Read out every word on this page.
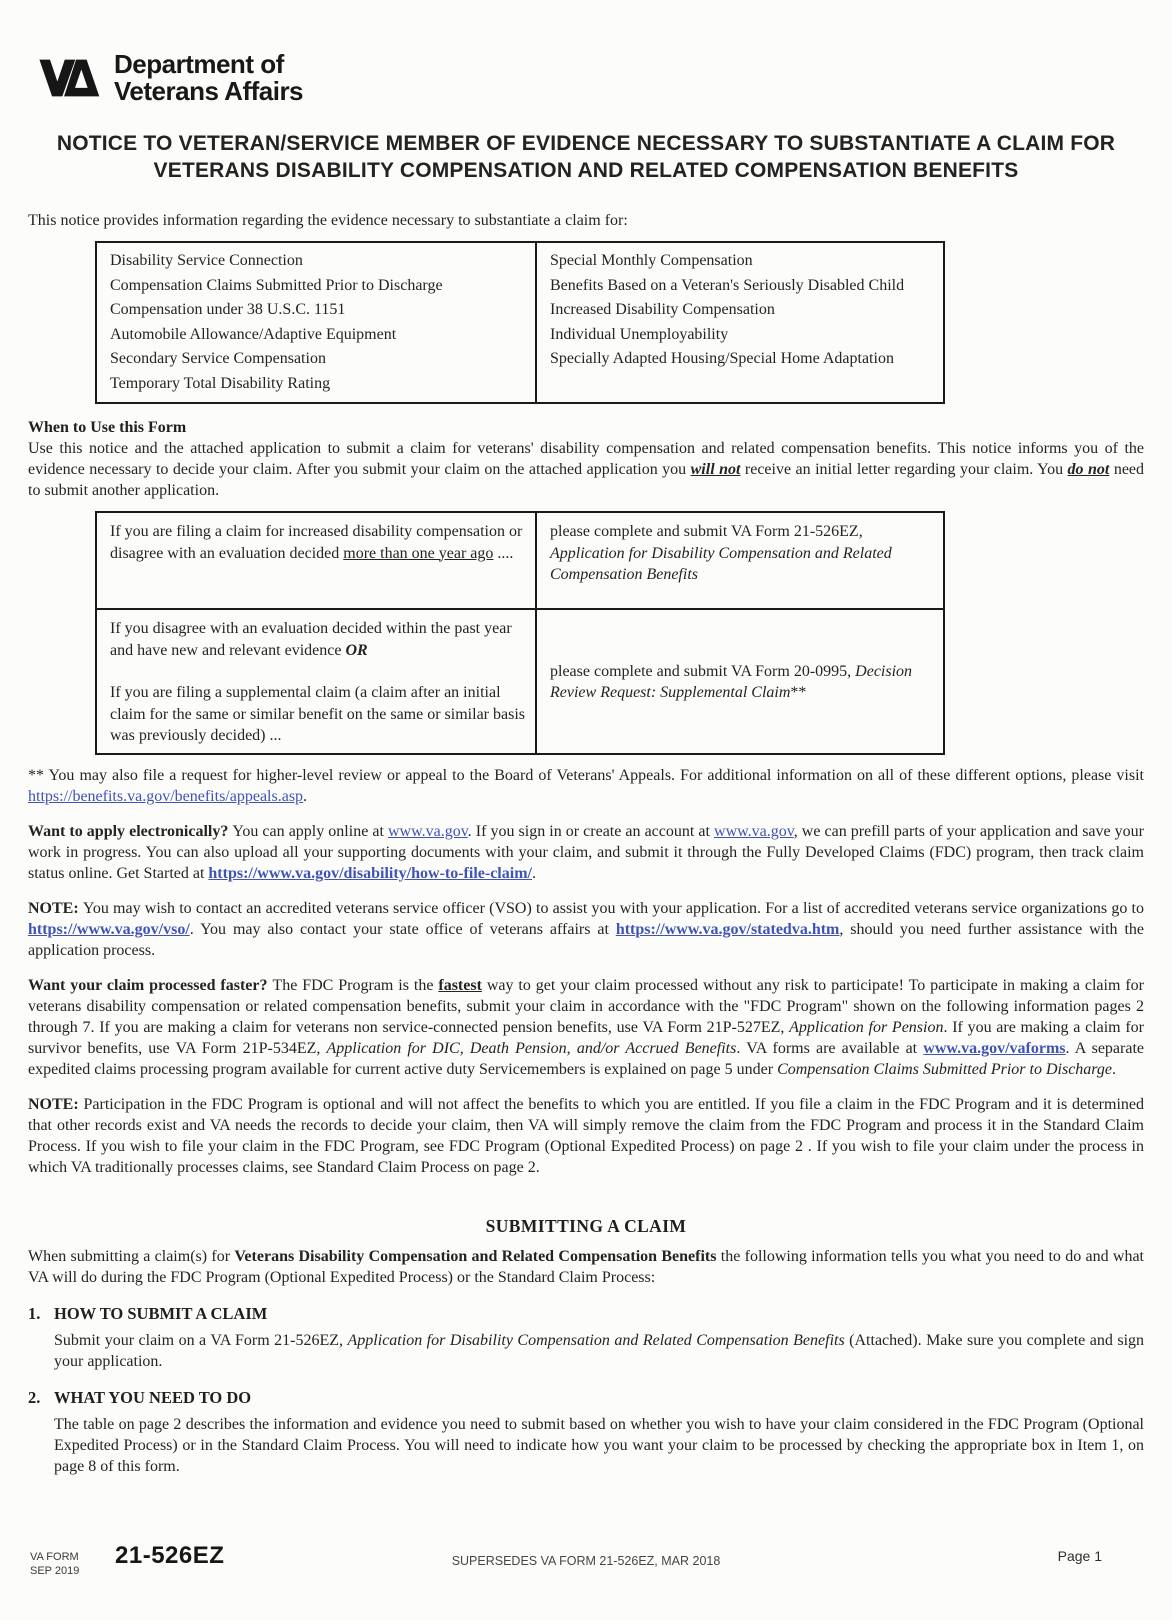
Department of
Veterans Affairs
NOTICE TO VETERAN/SERVICE MEMBER OF EVIDENCE NECESSARY TO SUBSTANTIATE A CLAIM FOR
VETERANS DISABILITY COMPENSATION AND RELATED COMPENSATION BENEFITS

This notice provides information regarding the evidence necessary to substantiate a claim for:

Disability Service Connection
Compensation Claims Submitted Prior to Discharge
Compensation under 38 U.S.C. 1151
Automobile Allowance/Adaptive Equipment
Secondary Service Compensation
Temporary Total Disability Rating

Special Monthly Compensation
Benefits Based on a Veteran's Seriously Disabled Child
Increased Disability Compensation
Individual Unemployability
Specially Adapted Housing/Special Home Adaptation
When to Use this Form

Use this notice and the attached application to submit a claim for veterans' disability compensation and related compensation benefits. This notice informs you of the evidence necessary to decide your claim. After you submit your claim on the attached application you will not receive an initial letter regarding your claim. You do not need to submit another application.

If you are filing a claim for increased disability compensation or disagree with an evaluation decided more than one year ago ....	please complete and submit VA Form 21-526EZ, Application for Disability Compensation and Related Compensation Benefits

If you disagree with an evaluation decided within the past year and have new and relevant evidence OR

If you are filing a supplemental claim (a claim after an initial claim for the same or similar benefit on the same or similar basis was previously decided) ...	please complete and submit VA Form 20-0995, Decision Review Request: Supplemental Claim**

** You may also file a request for higher-level review or appeal to the Board of Veterans' Appeals. For additional information on all of these different options, please visit https://benefits.va.gov/benefits/appeals.asp.

Want to apply electronically? You can apply online at www.va.gov. If you sign in or create an account at www.va.gov, we can prefill parts of your application and save your work in progress. You can also upload all your supporting documents with your claim, and submit it through the Fully Developed Claims (FDC) program, then track claim status online. Get Started at https://www.va.gov/disability/how-to-file-claim/.

NOTE: You may wish to contact an accredited veterans service officer (VSO) to assist you with your application. For a list of accredited veterans service organizations go to https://www.va.gov/vso/. You may also contact your state office of veterans affairs at https://www.va.gov/statedva.htm, should you need further assistance with the application process.

Want your claim processed faster? The FDC Program is the fastest way to get your claim processed without any risk to participate! To participate in making a claim for veterans disability compensation or related compensation benefits, submit your claim in accordance with the "FDC Program" shown on the following information pages 2 through 7. If you are making a claim for veterans non service-connected pension benefits, use VA Form 21P-527EZ, Application for Pension. If you are making a claim for survivor benefits, use VA Form 21P-534EZ, Application for DIC, Death Pension, and/or Accrued Benefits. VA forms are available at www.va.gov/vaforms. A separate expedited claims processing program available for current active duty Servicemembers is explained on page 5 under Compensation Claims Submitted Prior to Discharge.

NOTE: Participation in the FDC Program is optional and will not affect the benefits to which you are entitled. If you file a claim in the FDC Program and it is determined that other records exist and VA needs the records to decide your claim, then VA will simply remove the claim from the FDC Program and process it in the Standard Claim Process. If you wish to file your claim in the FDC Program, see FDC Program (Optional Expedited Process) on page 2 . If you wish to file your claim under the process in which VA traditionally processes claims, see Standard Claim Process on page 2.

SUBMITTING A CLAIM

When submitting a claim(s) for Veterans Disability Compensation and Related Compensation Benefits the following information tells you what you need to do and what VA will do during the FDC Program (Optional Expedited Process) or the Standard Claim Process:

1. HOW TO SUBMIT A CLAIM

Submit your claim on a VA Form 21-526EZ, Application for Disability Compensation and Related Compensation Benefits (Attached). Make sure you complete and sign your application.

2. WHAT YOU NEED TO DO

The table on page 2 describes the information and evidence you need to submit based on whether you wish to have your claim considered in the FDC Program (Optional Expedited Process) or in the Standard Claim Process. You will need to indicate how you want your claim to be processed by checking the appropriate box in Item 1, on page 8 of this form.

VA FORM
SEP 2019
21-526EZ	SUPERSEDES VA FORM 21-526EZ, MAR 2018	Page 1
